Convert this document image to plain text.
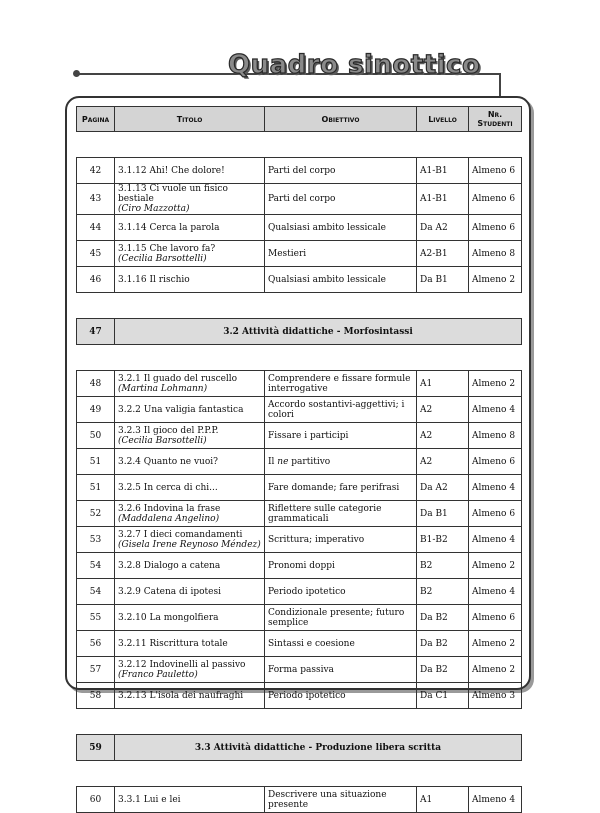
Quadro sinottico
Pagina	Titolo	Obiettivo	Livello	Nr.
Studenti

42	3.1.12 Ahi! Che dolore!	Parti del corpo	A1-B1	Almeno 6
43	3.1.13 Ci vuole un fisico bestiale
(Ciro Mazzotta)	Parti del corpo	A1-B1	Almeno 6
44	3.1.14 Cerca la parola	Qualsiasi ambito lessicale	Da A2	Almeno 6
45	3.1.15 Che lavoro fa?
(Cecilia Barsottelli)	Mestieri	A2-B1	Almeno 8
46	3.1.16 Il rischio	Qualsiasi ambito lessicale	Da B1	Almeno 2

47	3.2 Attività didattiche - Morfosintassi			

48	3.2.1 Il guado del ruscello
(Martina Lohmann)	Comprendere e fissare formule interrogative	A1	Almeno 2
49	3.2.2 Una valigia fantastica	Accordo sostantivi-aggettivi; i colori	A2	Almeno 4
50	3.2.3 Il gioco del P.P.P.
(Cecilia Barsottelli)	Fissare i participi	A2	Almeno 8
51	3.2.4 Quanto ne vuoi?	Il ne partitivo	A2	Almeno 6
51	3.2.5 In cerca di chi...	Fare domande; fare perifrasi	Da A2	Almeno 4
52	3.2.6 Indovina la frase
(Maddalena Angelino)	Riflettere sulle categorie grammaticali	Da B1	Almeno 6
53	3.2.7 I dieci comandamenti
(Gisela Irene Reynoso Méndez)	Scrittura; imperativo	B1-B2	Almeno 4
54	3.2.8 Dialogo a catena	Pronomi doppi	B2	Almeno 2
54	3.2.9 Catena di ipotesi	Periodo ipotetico	B2	Almeno 4
55	3.2.10 La mongolfiera	Condizionale presente; futuro semplice	Da B2	Almeno 6
56	3.2.11 Riscrittura totale	Sintassi e coesione	Da B2	Almeno 2
57	3.2.12 Indovinelli al passivo
(Franco Pauletto)	Forma passiva	Da B2	Almeno 2
58	3.2.13 L'isola dei naufraghi	Periodo ipotetico	Da C1	Almeno 3

59	3.3 Attività didattiche - Produzione libera scritta			

60	3.3.1 Lui e lei	Descrivere una situazione presente	A1	Almeno 4
